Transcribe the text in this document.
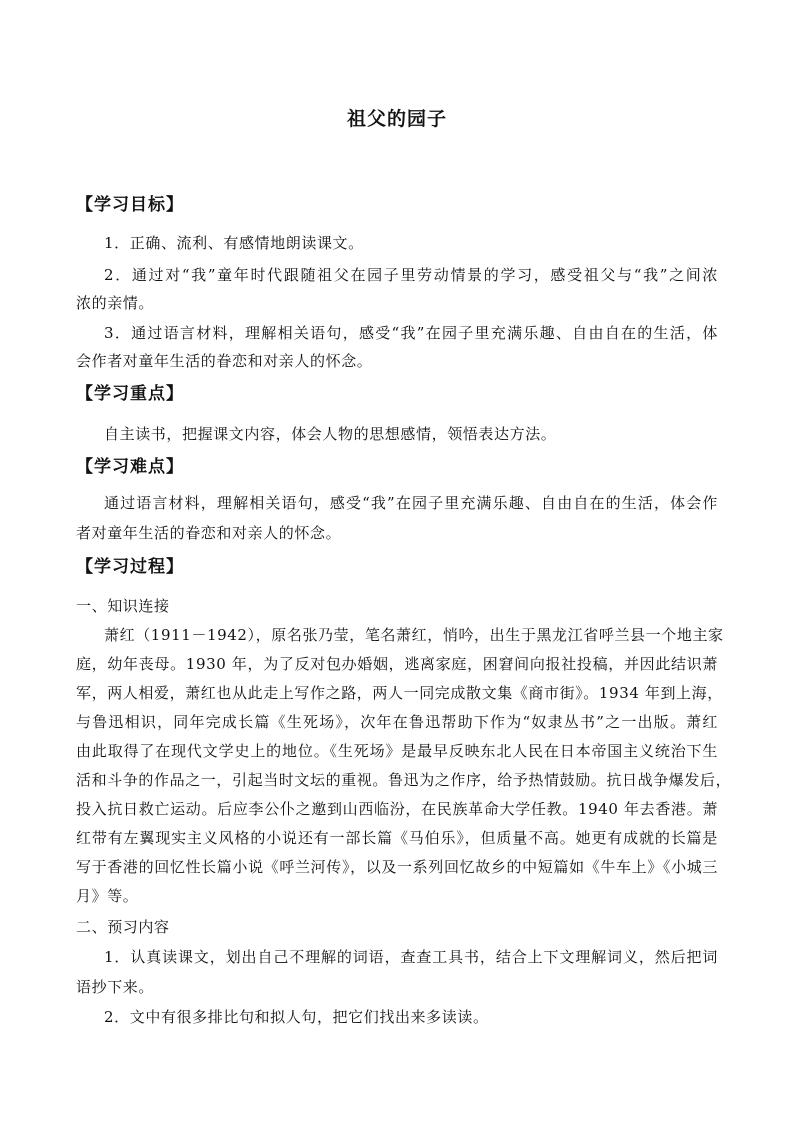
祖父的园子
【学习目标】
1．正确、流利、有感情地朗读课文。
2．通过对“我”童年时代跟随祖父在园子里劳动情景的学习，感受祖父与“我”之间浓
浓的亲情。
3．通过语言材料，理解相关语句，感受“我”在园子里充满乐趣、自由自在的生活，体
会作者对童年生活的眷恋和对亲人的怀念。
【学习重点】
自主读书，把握课文内容，体会人物的思想感情，领悟表达方法。
【学习难点】
通过语言材料，理解相关语句，感受“我”在园子里充满乐趣、自由自在的生活，体会作
者对童年生活的眷恋和对亲人的怀念。
【学习过程】
一、知识连接
萧红（1911－1942），原名张乃莹，笔名萧红，悄吟，出生于黑龙江省呼兰县一个地主家
庭，幼年丧母。1930 年，为了反对包办婚姻，逃离家庭，困窘间向报社投稿，并因此结识萧
军，两人相爱，萧红也从此走上写作之路，两人一同完成散文集《商市街》。1934 年到上海，
与鲁迅相识，同年完成长篇《生死场》，次年在鲁迅帮助下作为“奴隶丛书”之一出版。萧红
由此取得了在现代文学史上的地位。《生死场》是最早反映东北人民在日本帝国主义统治下生
活和斗争的作品之一，引起当时文坛的重视。鲁迅为之作序，给予热情鼓励。抗日战争爆发后，
投入抗日救亡运动。后应李公仆之邀到山西临汾，在民族革命大学任教。1940 年去香港。萧
红带有左翼现实主义风格的小说还有一部长篇《马伯乐》，但质量不高。她更有成就的长篇是
写于香港的回忆性长篇小说《呼兰河传》，以及一系列回忆故乡的中短篇如《牛车上》《小城三
月》等。
二、预习内容
1．认真读课文，划出自己不理解的词语，查查工具书，结合上下文理解词义，然后把词
语抄下来。
2．文中有很多排比句和拟人句，把它们找出来多读读。
